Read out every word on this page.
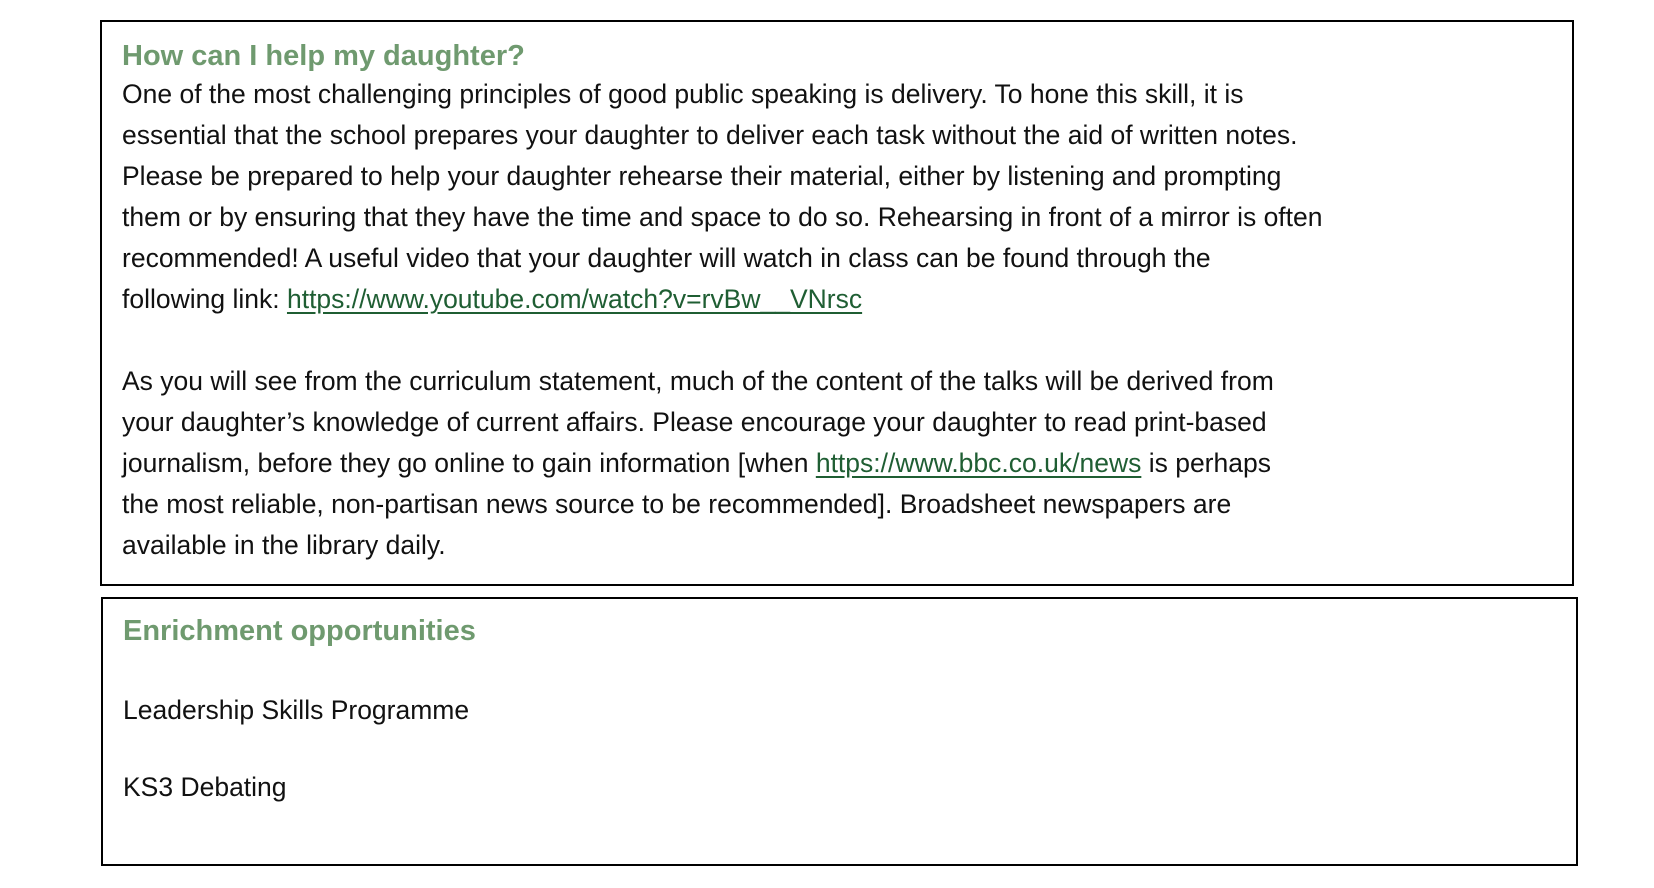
How can I help my daughter?

One of the most challenging principles of good public speaking is delivery. To hone this skill, it is
essential that the school prepares your daughter to deliver each task without the aid of written notes.
Please be prepared to help your daughter rehearse their material, either by listening and prompting
them or by ensuring that they have the time and space to do so. Rehearsing in front of a mirror is often
recommended! A useful video that your daughter will watch in class can be found through the
following link: https://www.youtube.com/watch?v=rvBw__VNrsc

As you will see from the curriculum statement, much of the content of the talks will be derived from
your daughter’s knowledge of current affairs. Please encourage your daughter to read print-based
journalism, before they go online to gain information [when https://www.bbc.co.uk/news is perhaps
the most reliable, non-partisan news source to be recommended]. Broadsheet newspapers are
available in the library daily.

Enrichment opportunities

Leadership Skills Programme

KS3 Debating
